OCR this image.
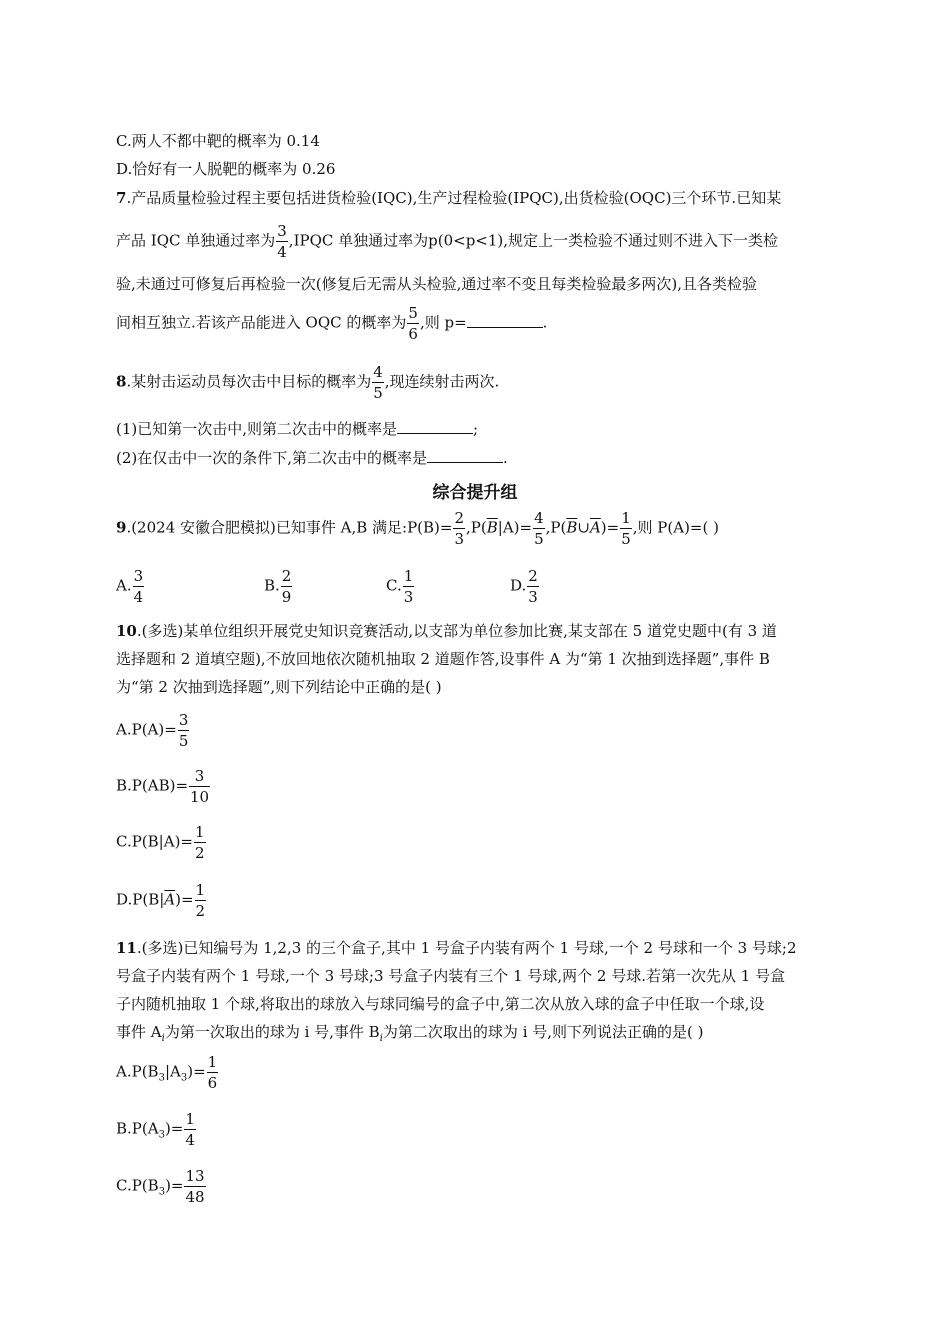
C.两人不都中靶的概率为 0.14
D.恰好有一人脱靶的概率为 0.26
7.产品质量检验过程主要包括进货检验(IQC),生产过程检验(IPQC),出货检验(OQC)三个环节.已知某
产品 IQC 单独通过率为 $\frac{3}{4}$ ,IPQC 单独通过率为p(0<p<1),规定上一类检验不通过则不进入下一类检
验,未通过可修复后再检验一次(修复后无需从头检验,通过率不变且每类检验最多两次),且各类检验
间相互独立.若该产品能进入 OQC 的概率为 $\frac{5}{6}$ ,则 p=	.
8.某射击运动员每次击中目标的概率为 $\frac{4}{5}$ ,现连续射击两次.
(1)已知第一次击中,则第二次击中的概率是	;
(2)在仅击中一次的条件下,第二次击中的概率是	.
综合提升组
9.(2024 安徽合肥模拟)已知事件 A,B 满足:P(B)= $\frac{2}{3} ,P(\overline{B}|A)= \frac{4}{5}$ $,P(\overline{B}\cup\overline{A})= \frac{1}{5}$ ,则 P(A)=( )
A. $\frac{3}{4}$	B. $\frac{2}{9}$	C. $\frac{1}{3}$	D. $\frac{2}{3}$
10.(多选)某单位组织开展党史知识竞赛活动,以支部为单位参加比赛,某支部在 5 道党史题中(有 3 道
选择题和 2 道填空题),不放回地依次随机抽取 2 道题作答,设事件 A 为“第 1 次抽到选择题”,事件 B
为“第 2 次抽到选择题”,则下列结论中正确的是( )
$A.P(A)= \frac{3}{5}$
$B.P(AB)= \frac{3}{10}$
$C.P(B|A)= \frac{1}{2}$
$D.P(B|\overline{A})= \frac{1}{2}$
11.(多选)已知编号为 1,2,3 的三个盒子,其中 1 号盒子内装有两个 1 号球,一个 2 号球和一个 3 号球;2
号盒子内装有两个 1 号球,一个 3 号球;3 号盒子内装有三个 1 号球,两个 2 号球.若第一次先从 1 号盒
子内随机抽取 1 个球,将取出的球放入与球同编号的盒子中,第二次从放入球的盒子中任取一个球,设
事件 $A_i$为第一次取出的球为 i 号,事件 $B_i$为第二次取出的球为 i 号,则下列说法正确的是( )
$A.P(B_3|A_3)= \frac{1}{6}$
$B.P(A_3)= \frac{1}{4}$
$C.P(B_3)= \frac{13}{48}$
